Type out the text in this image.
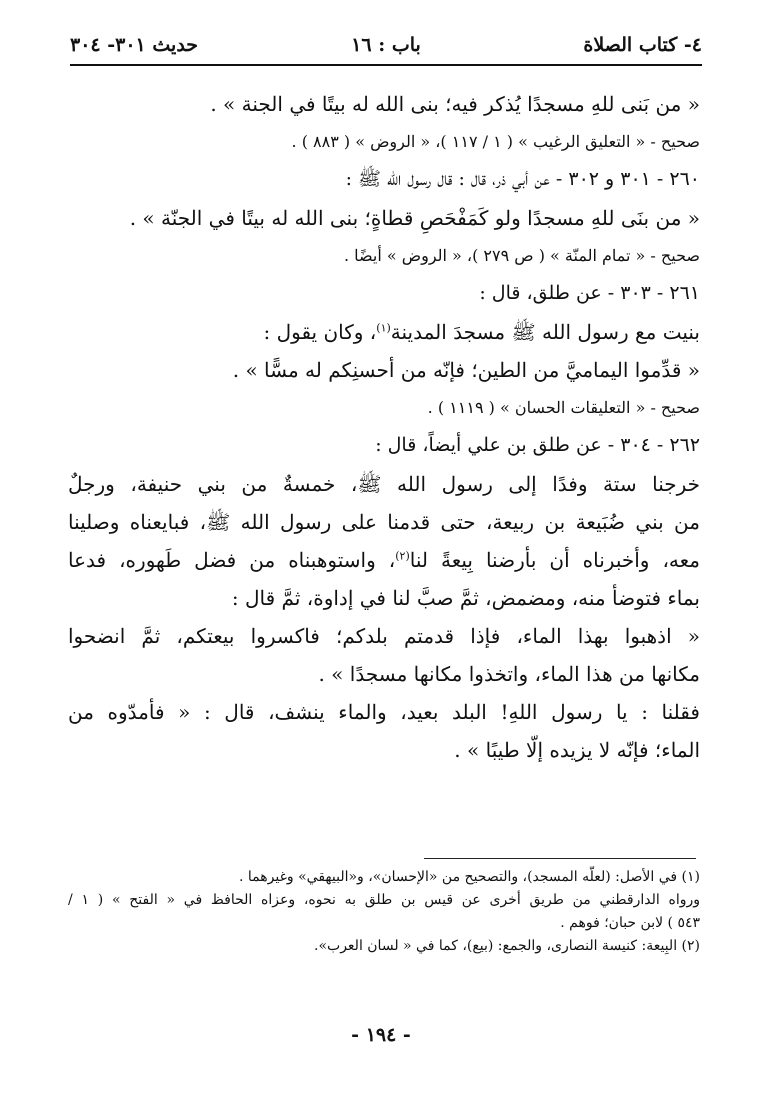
٤- كتاب الصلاة
باب : ١٦
حديث ٣٠١- ٣٠٤

« من بَنى للهِ مسجدًا يُذكر فيه؛ بنى الله له بيتًا في الجنة » .

صحيح - « التعليق الرغيب » ( ١ / ١١٧ )، « الروض » ( ٨٨٣ ) .

٢٦٠ - ٣٠١ و ٣٠٢ - عن أبي ذر، قال : قال رسول الله ﷺ :

« من بنَى للهِ مسجدًا ولو كَمَفْحَصِ قطاةٍ؛ بنى الله له بيتًا في الجنّة » .

صحيح - « تمام المنّة » ( ص ٢٧٩ )، « الروض » أيضًا .

٢٦١ - ٣٠٣ - عن طلق، قال :

بنيت مع رسول الله ﷺ مسجدَ المدينة$^{(١)}$، وكان يقول :

« قدِّموا اليماميَّ من الطين؛ فإنّه من أحسنِكم له مسًّا » .

صحيح - « التعليقات الحسان » ( ١١١٩ ) .

٢٦٢ - ٣٠٤ - عن طلق بن علي أيضاً، قال :

خرجنا ستة وفدًا إلى رسول الله ﷺ، خمسةٌ من بني حنيفة، ورجلٌ

من بني ضُبَيعة بن ربيعة، حتى قدمنا على رسول الله ﷺ، فبايعناه وصلينا

معه، وأخبرناه أن بأرضنا بِيعةً لنا$^{(٢)}$، واستوهبناه من فضل طَهوره، فدعا

بماء فتوضأ منه، ومضمض، ثمَّ صبَّ لنا في إداوة، ثمَّ قال :

« اذهبوا بهذا الماء، فإذا قدمتم بلدكم؛ فاكسروا بيعتكم، ثمَّ انضحوا

مكانها من هذا الماء، واتخذوا مكانها مسجدًا » .

فقلنا : يا رسول اللهِ! البلد بعيد، والماء ينشف، قال : « فأمدّوه من

الماء؛ فإنّه لا يزيده إلّا طيبًا » .

(١) في الأصل: (لعلّه المسجد)، والتصحيح من «الإحسان»، و«البيهقي» وغيرهما .

ورواه الدارقطني من طريق أخرى عن قيس بن طلق به نحوه، وعزاه الحافظ في « الفتح » ( ١ /

٥٤٣ ) لابن حبان؛ فوهم .

(٢) البِيعة: كنيسة النصارى، والجمع: (بيع)، كما في « لسان العرب».

- ١٩٤ -
